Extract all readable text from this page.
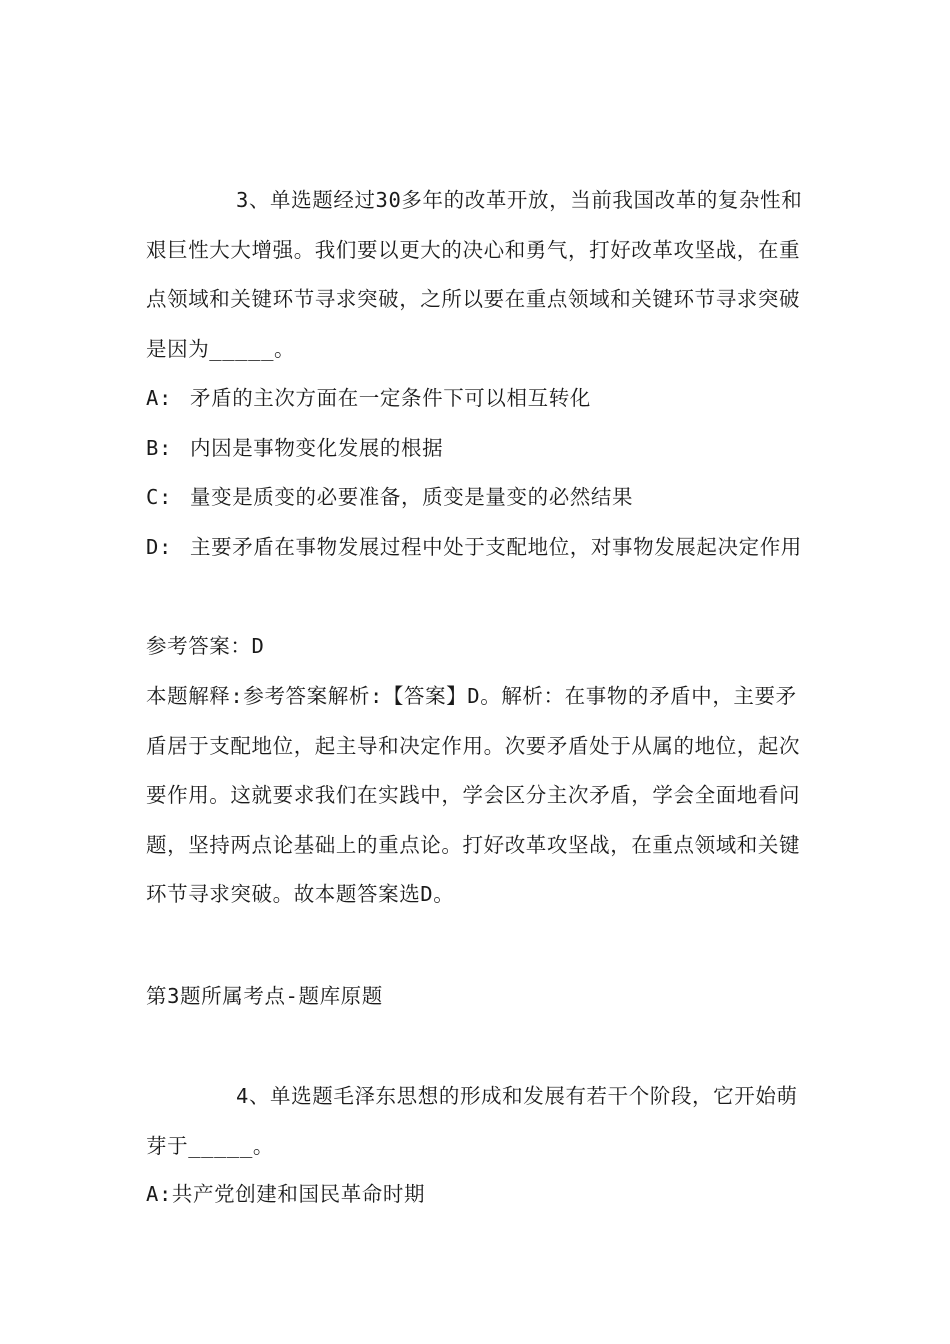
3、单选题经过30多年的改革开放，当前我国改革的复杂性和艰巨性大大增强。我们要以更大的决心和勇气，打好改革攻坚战，在重点领域和关键环节寻求突破，之所以要在重点领域和关键环节寻求突破是因为_____。
A: 矛盾的主次方面在一定条件下可以相互转化
B: 内因是事物变化发展的根据
C: 量变是质变的必要准备，质变是量变的必然结果
D: 主要矛盾在事物发展过程中处于支配地位，对事物发展起决定作用
参考答案：D
本题解释:参考答案解析:【答案】D。解析：在事物的矛盾中，主要矛盾居于支配地位，起主导和决定作用。次要矛盾处于从属的地位，起次要作用。这就要求我们在实践中，学会区分主次矛盾，学会全面地看问题，坚持两点论基础上的重点论。打好改革攻坚战，在重点领域和关键环节寻求突破。故本题答案选D。
第3题所属考点-题库原题
4、单选题毛泽东思想的形成和发展有若干个阶段，它开始萌芽于_____。
A:共产党创建和国民革命时期
